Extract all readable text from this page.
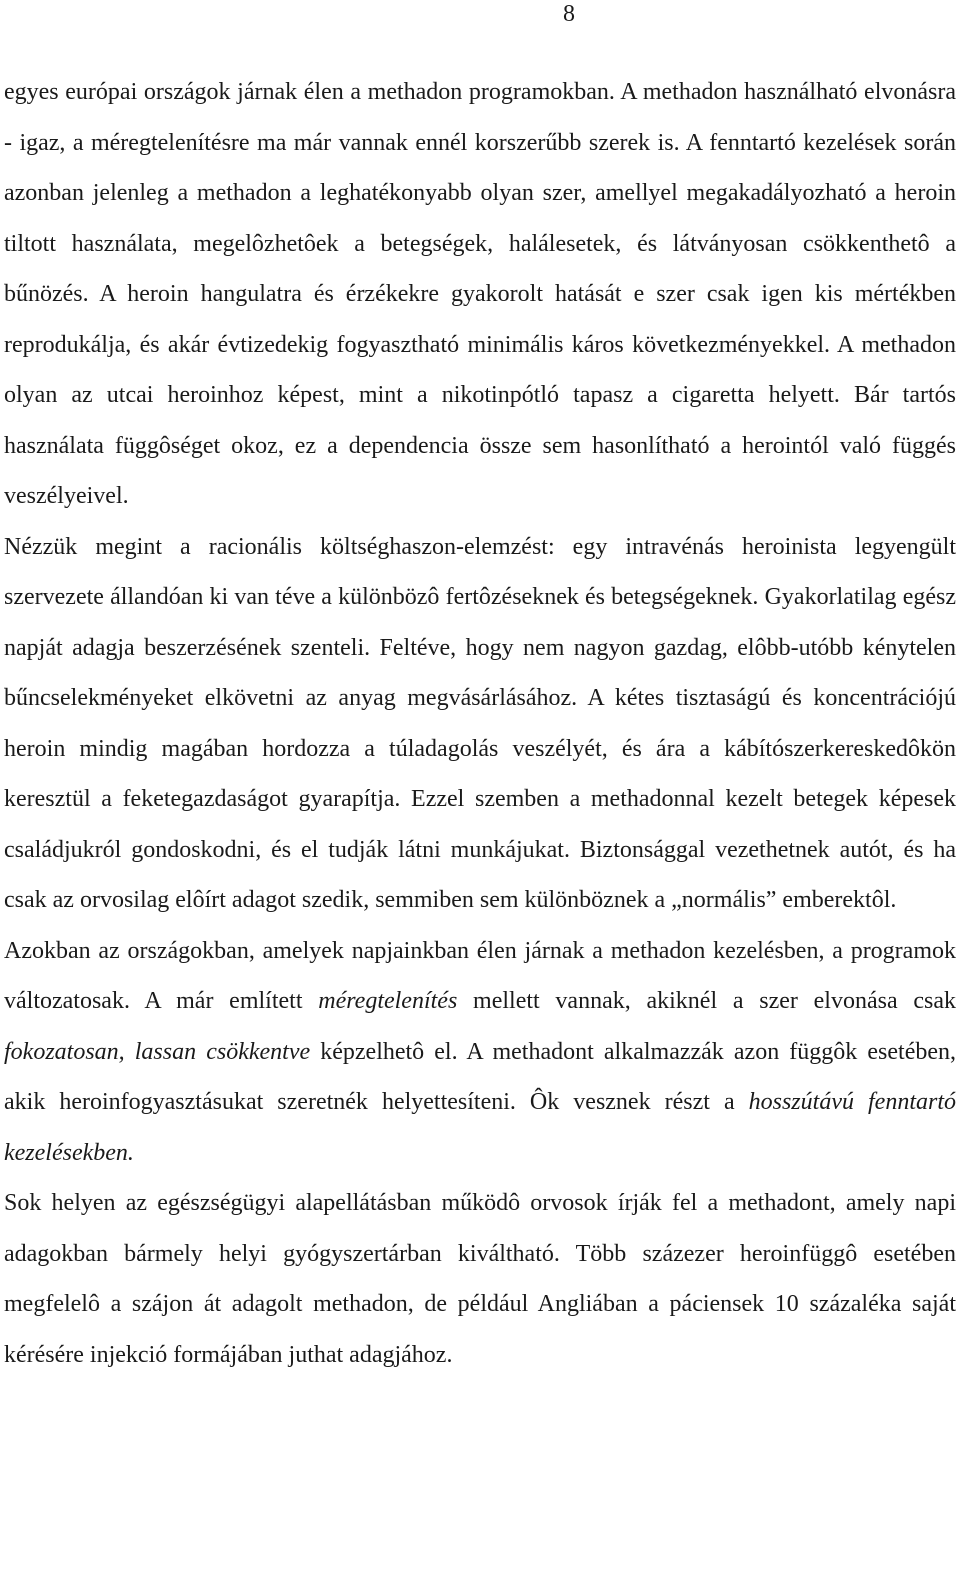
8

egyes európai országok járnak élen a methadon programokban. A methadon használható elvonásra - igaz, a méregtelenítésre ma már vannak ennél korszerűbb szerek is. A fenntartó kezelések során azonban jelenleg a methadon a leghatékonyabb olyan szer, amellyel megakadályozható a heroin tiltott használata, megelôzhetôek a betegségek, halálesetek, és látványosan csökkenthetô a bűnözés. A heroin hangulatra és érzékekre gyakorolt hatását e szer csak igen kis mértékben reprodukálja, és akár évtizedekig fogyasztható minimális káros következményekkel. A methadon olyan az utcai heroinhoz képest, mint a nikotinpótló tapasz a cigaretta helyett. Bár tartós használata függôséget okoz, ez a dependencia össze sem hasonlítható a herointól való függés veszélyeivel.

Nézzük megint a racionális költséghaszon-elemzést: egy intravénás heroinista legyengült szervezete állandóan ki van téve a különbözô fertôzéseknek és betegségeknek. Gyakorlatilag egész napját adagja beszerzésének szenteli. Feltéve, hogy nem nagyon gazdag, elôbb-utóbb kénytelen bűncselekményeket elkövetni az anyag megvásárlásához. A kétes tisztaságú és koncentrációjú heroin mindig magában hordozza a túladagolás veszélyét, és ára a kábítószerkereskedôkön keresztül a feketegazdaságot gyarapítja. Ezzel szemben a methadonnal kezelt betegek képesek családjukról gondoskodni, és el tudják látni munkájukat. Biztonsággal vezethetnek autót, és ha csak az orvosilag elôírt adagot szedik, semmiben sem különböznek a „normális” emberektôl.

Azokban az országokban, amelyek napjainkban élen járnak a methadon kezelésben, a programok változatosak. A már említett méregtelenítés mellett vannak, akiknél a szer elvonása csak fokozatosan, lassan csökkentve képzelhetô el. A methadont alkalmazzák azon függôk esetében, akik heroinfogyasztásukat szeretnék helyettesíteni. Ôk vesznek részt a hosszútávú fenntartó kezelésekben.

Sok helyen az egészségügyi alapellátásban működô orvosok írják fel a methadont, amely napi adagokban bármely helyi gyógyszertárban kiváltható. Több százezer heroinfüggô esetében megfelelô a szájon át adagolt methadon, de például Angliában a páciensek 10 százaléka saját kérésére injekció formájában juthat adagjához.
